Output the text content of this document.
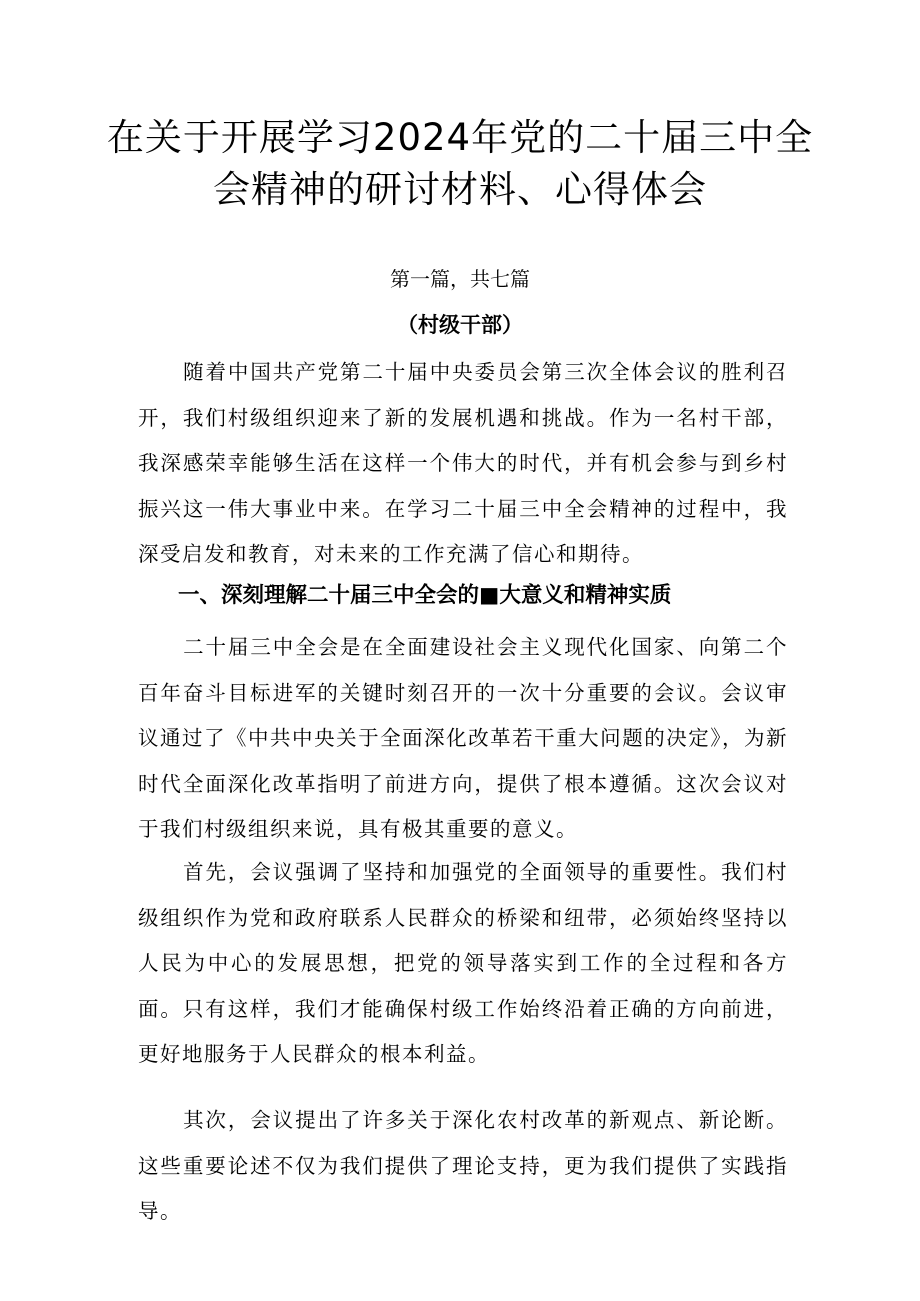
在关于开展学习2024年党的二十届三中全
会精神的研讨材料、心得体会
第一篇，共七篇
（村级干部）

随着中国共产党第二十届中央委员会第三次全体会议的胜利召开，我们村级组织迎来了新的发展机遇和挑战。作为一名村干部，我深感荣幸能够生活在这样一个伟大的时代，并有机会参与到乡村振兴这一伟大事业中来。在学习二十届三中全会精神的过程中，我深受启发和教育，对未来的工作充满了信心和期待。

一、深刻理解二十届三中全会的■大意义和精神实质

二十届三中全会是在全面建设社会主义现代化国家、向第二个百年奋斗目标进军的关键时刻召开的一次十分重要的会议。会议审议通过了《中共中央关于全面深化改革若干重大问题的决定》，为新时代全面深化改革指明了前进方向，提供了根本遵循。这次会议对于我们村级组织来说，具有极其重要的意义。

首先，会议强调了坚持和加强党的全面领导的重要性。我们村级组织作为党和政府联系人民群众的桥梁和纽带，必须始终坚持以人民为中心的发展思想，把党的领导落实到工作的全过程和各方面。只有这样，我们才能确保村级工作始终沿着正确的方向前进，更好地服务于人民群众的根本利益。

其次，会议提出了许多关于深化农村改革的新观点、新论断。这些重要论述不仅为我们提供了理论支持，更为我们提供了实践指导。
